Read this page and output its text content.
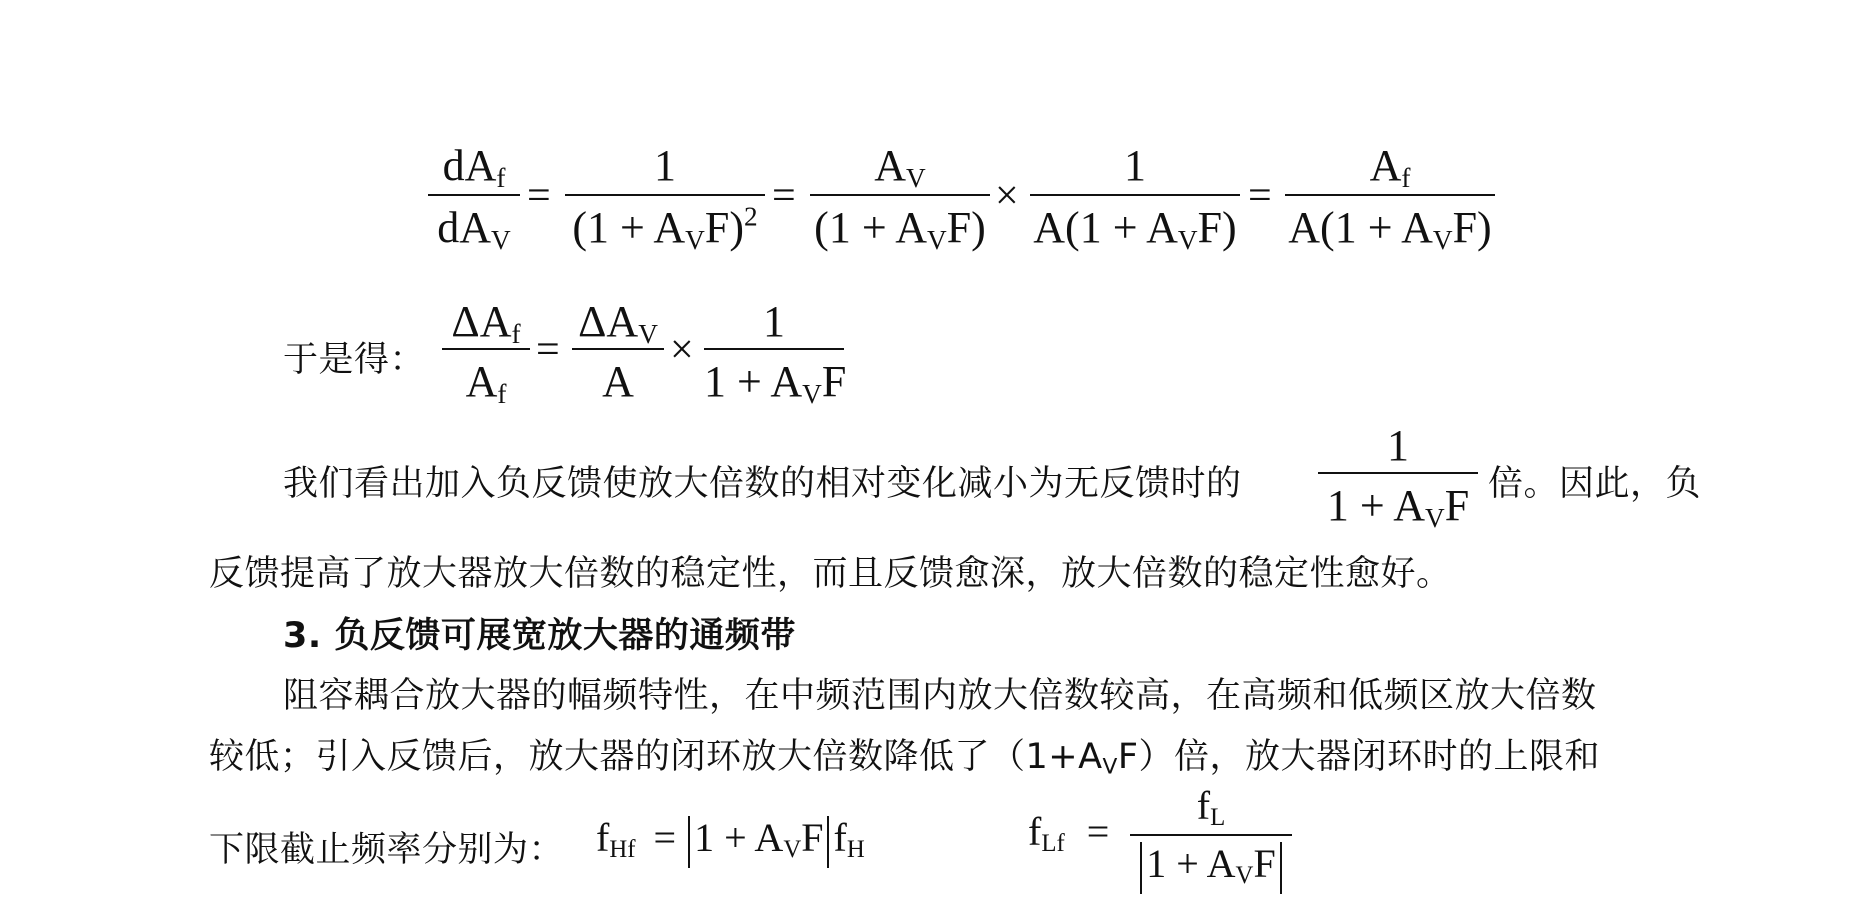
$dA_f$
$dA_V$
=
1
$(1 + A_VF)^2$ =
$A_V$
$(1 + A_VF)$
×
1
$A(1 + A_VF)$
=
$A_f$
$A(1 + A_VF)$
于是得：
$\Delta A_f$
$A_f$
=
$\Delta A_V$
A
×
1
$1 + A_VF$
我们看出加入负反馈使放大倍数的相对变化减小为无反馈时的
1
$1 + A_VF$ 倍。因此，负
反馈提高了放大器放大倍数的稳定性，而且反馈愈深，放大倍数的稳定性愈好。
3. 负反馈可展宽放大器的通频带
阻容耦合放大器的幅频特性，在中频范围内放大倍数较高，在高频和低频区放大倍数
较低；引入反馈后，放大器的闭环放大倍数降低了$(1+A_VF)$倍，放大器闭环时的上限和
下限截止频率分别为： $f_{Hf} = 1 + A_VF$ $f_H$	$f_{Lf}$ =
$f_L$
$1 + A_VF$
